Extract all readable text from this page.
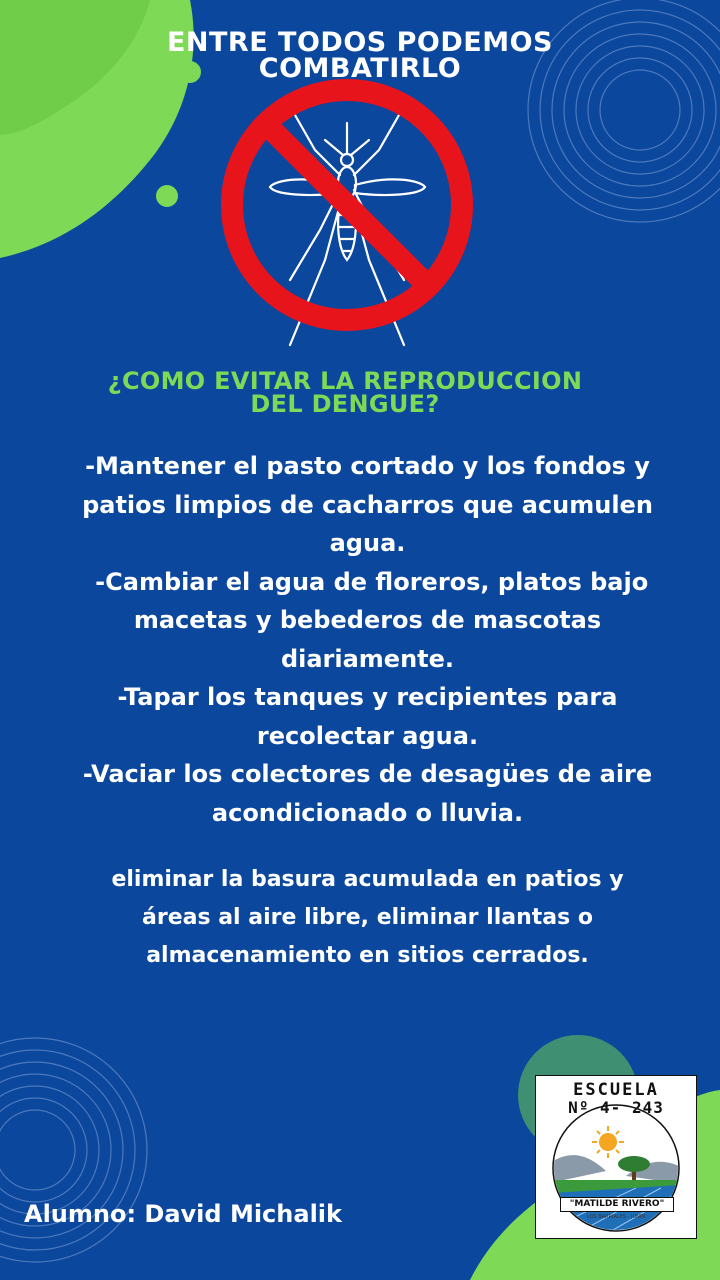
ENTRE TODOS PODEMOS
COMBATIRLO
¿COMO EVITAR LA REPRODUCCION
DEL DENGUE?
-Mantener el pasto cortado y los fondos y
patios limpios de cacharros que acumulen
agua.
-Cambiar el agua de floreros, platos bajo
macetas y bebederos de mascotas
diariamente.
-Tapar los tanques y recipientes para
recolectar agua.
-Vaciar los colectores de desagües de aire
acondicionado o lluvia.
eliminar la basura acumulada en patios y
áreas al aire libre, eliminar llantas o
almacenamiento en sitios cerrados.
Alumno: David Michalik
ESCUELA
Nº 4- 243
"MATILDE RIVERO"
LOS BARRIALES - JUNIN
